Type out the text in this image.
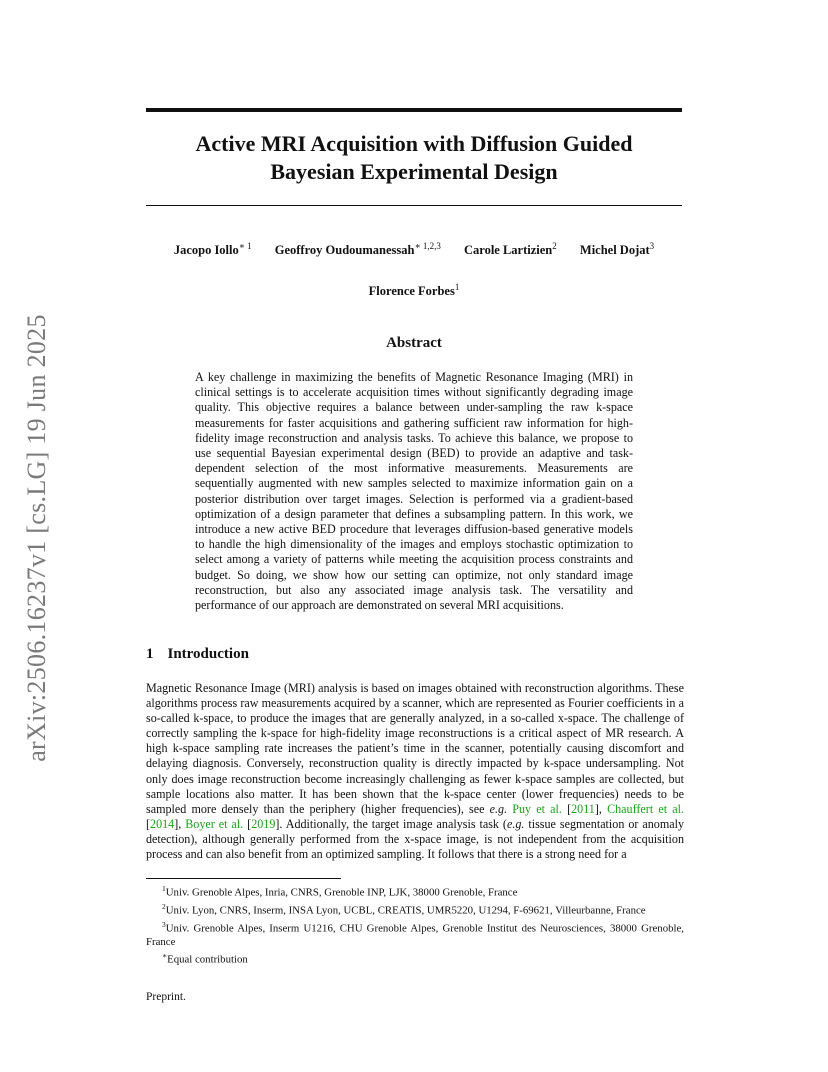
arXiv:2506.16237v1 [cs.LG] 19 Jun 2025
Active MRI Acquisition with Diffusion Guided
Bayesian Experimental Design
Jacopo Iollo$^{∗ 1}$ Geoffroy Oudoumanessah$^{∗ 1,2,3}$ Carole Lartizien$^2$ Michel Dojat$^3$
Florence Forbes$^1$
Abstract
A key challenge in maximizing the benefits of Magnetic Resonance Imaging (MRI) in clinical settings is to accelerate acquisition times without significantly degrading image quality. This objective requires a balance between under-sampling the raw k-space measurements for faster acquisitions and gathering sufficient raw information for high-fidelity image reconstruction and analysis tasks. To achieve this balance, we propose to use sequential Bayesian experimental design (BED) to provide an adaptive and task-dependent selection of the most informative measurements. Measurements are sequentially augmented with new samples selected to maximize information gain on a posterior distribution over target images. Selection is performed via a gradient-based optimization of a design parameter that defines a subsampling pattern. In this work, we introduce a new active BED procedure that leverages diffusion-based generative models to handle the high dimensionality of the images and employs stochastic optimization to select among a variety of patterns while meeting the acquisition process constraints and budget. So doing, we show how our setting can optimize, not only standard image reconstruction, but also any associated image analysis task. The versatility and performance of our approach are demonstrated on several MRI acquisitions.
1 Introduction
Magnetic Resonance Image (MRI) analysis is based on images obtained with reconstruction algorithms. These algorithms process raw measurements acquired by a scanner, which are represented as Fourier coefficients in a so-called k-space, to produce the images that are generally analyzed, in a so-called x-space. The challenge of correctly sampling the k-space for high-fidelity image reconstructions is a critical aspect of MR research. A high k-space sampling rate increases the patient’s time in the scanner, potentially causing discomfort and delaying diagnosis. Conversely, reconstruction quality is directly impacted by k-space undersampling. Not only does image reconstruction become increasingly challenging as fewer k-space samples are collected, but sample locations also matter. It has been shown that the k-space center (lower frequencies) needs to be sampled more densely than the periphery (higher frequencies), see e.g. Puy et al. [2011], Chauffert et al. [2014], Boyer et al. [2019]. Additionally, the target image analysis task (e.g. tissue segmentation or anomaly detection), although generally performed from the x-space image, is not independent from the acquisition process and can also benefit from an optimized sampling. It follows that there is a strong need for a
$^1$Univ. Grenoble Alpes, Inria, CNRS, Grenoble INP, LJK, 38000 Grenoble, France
$^2$Univ. Lyon, CNRS, Inserm, INSA Lyon, UCBL, CREATIS, UMR5220, U1294, F-69621, Villeurbanne, France
$^3$Univ. Grenoble Alpes, Inserm U1216, CHU Grenoble Alpes, Grenoble Institut des Neurosciences, 38000 Grenoble, France
∗Equal contribution
Preprint.
